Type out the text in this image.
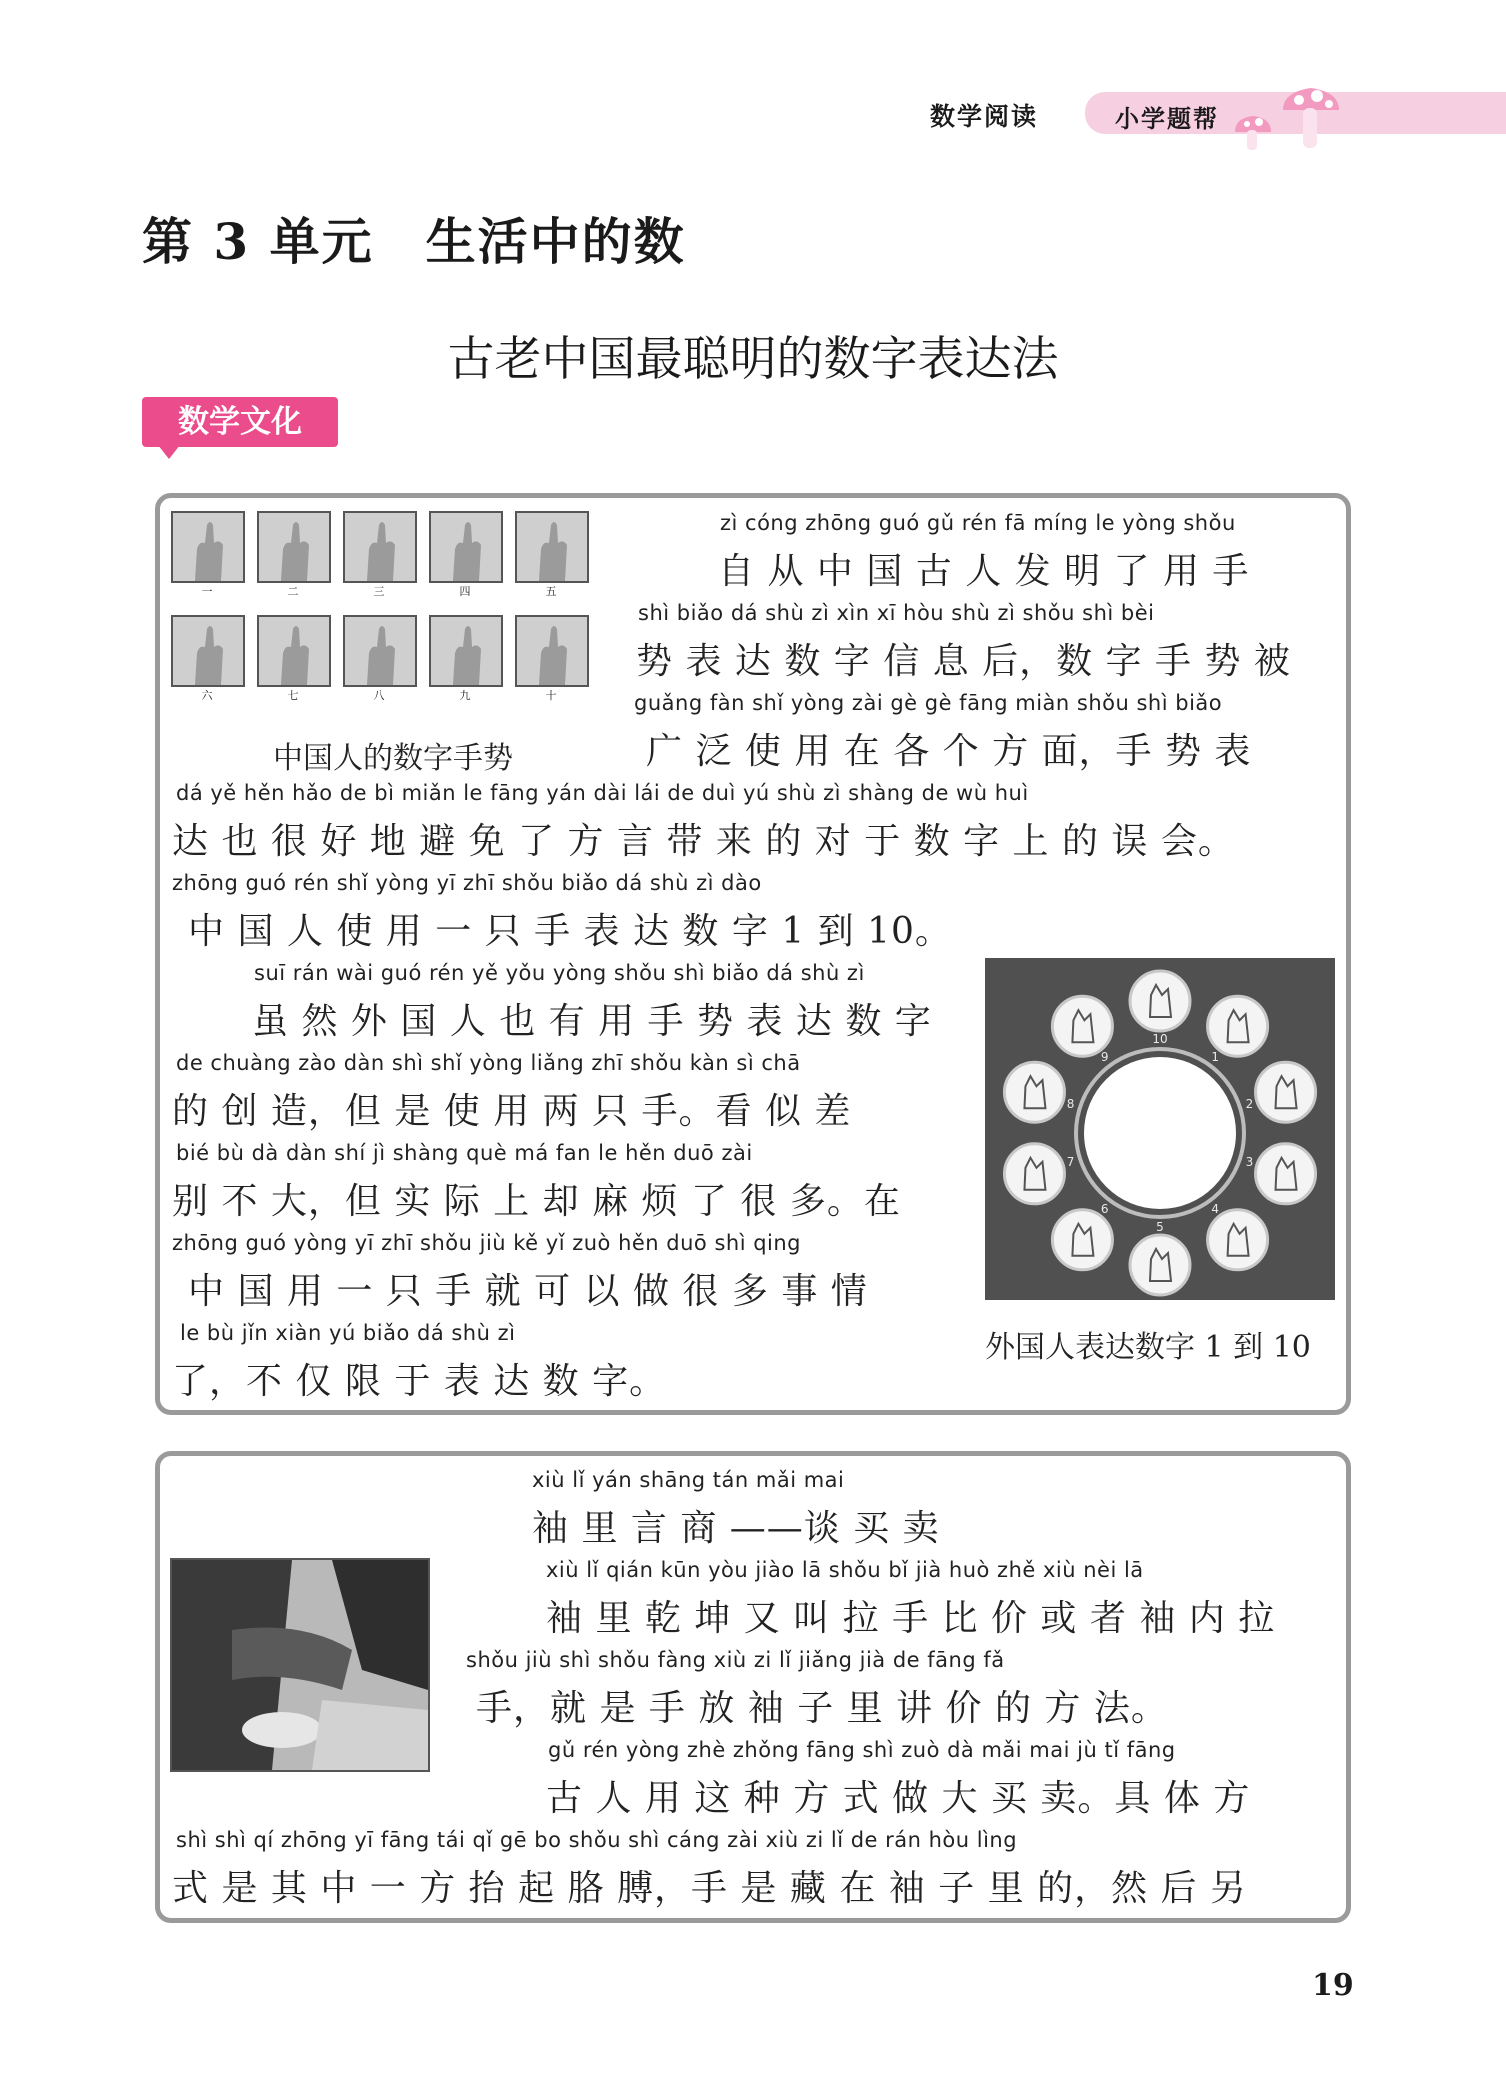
数学阅读	小学题帮
第 3 单元　生活中的数
古老中国最聪明的数字表达法
数学文化
一	二	三	四	五
六	七	八	九	十
中国人的数字手势
zì cóng zhōng guó gǔ rén fā míng le yòng shǒu
自 从 中 国 古 人 发 明 了 用 手
shì biǎo dá shù zì xìn xī hòu shù zì shǒu shì bèi
势 表 达 数 字 信 息 后，数 字 手 势 被
guǎng fàn shǐ yòng zài gè gè fāng miàn shǒu shì biǎo
广 泛 使 用 在 各 个 方 面，手 势 表
dá yě hěn hǎo de bì miǎn le fāng yán dài lái de duì yú shù zì shàng de wù huì
达 也 很 好 地 避 免 了 方 言 带 来 的 对 于 数 字 上 的 误 会。
zhōng guó rén shǐ yòng yī zhī shǒu biǎo dá shù zì dào
中 国 人 使 用 一 只 手 表 达 数 字 1 到 10。
suī rán wài guó rén yě yǒu yòng shǒu shì biǎo dá shù zì
虽 然 外 国 人 也 有 用 手 势 表 达 数 字
de chuàng zào dàn shì shǐ yòng liǎng zhī shǒu kàn sì chā
的 创 造，但 是 使 用 两 只 手。看 似 差
bié bù dà dàn shí jì shàng què má fan le hěn duō zài
别 不 大，但 实 际 上 却 麻 烦 了 很 多。在
zhōng guó yòng yī zhī shǒu jiù kě yǐ zuò hěn duō shì qing
中 国 用 一 只 手 就 可 以 做 很 多 事 情
le bù jǐn xiàn yú biǎo dá shù zì
了，不 仅 限 于 表 达 数 字。
10
1
2
3
4
5
6
7
8
9
外国人表达数字 1 到 10
xiù lǐ yán shāng tán mǎi mai
袖 里 言 商 ——谈 买 卖
xiù lǐ qián kūn yòu jiào lā shǒu bǐ jià huò zhě xiù nèi lā
袖 里 乾 坤 又 叫 拉 手 比 价 或 者 袖 内 拉
shǒu jiù shì shǒu fàng xiù zi lǐ jiǎng jià de fāng fǎ
手，就 是 手 放 袖 子 里 讲 价 的 方 法。
gǔ rén yòng zhè zhǒng fāng shì zuò dà mǎi mai jù tǐ fāng
古 人 用 这 种 方 式 做 大 买 卖。具 体 方
shì shì qí zhōng yī fāng tái qǐ gē bo shǒu shì cáng zài xiù zi lǐ de rán hòu lìng
式 是 其 中 一 方 抬 起 胳 膊，手 是 藏 在 袖 子 里 的，然 后 另
19
